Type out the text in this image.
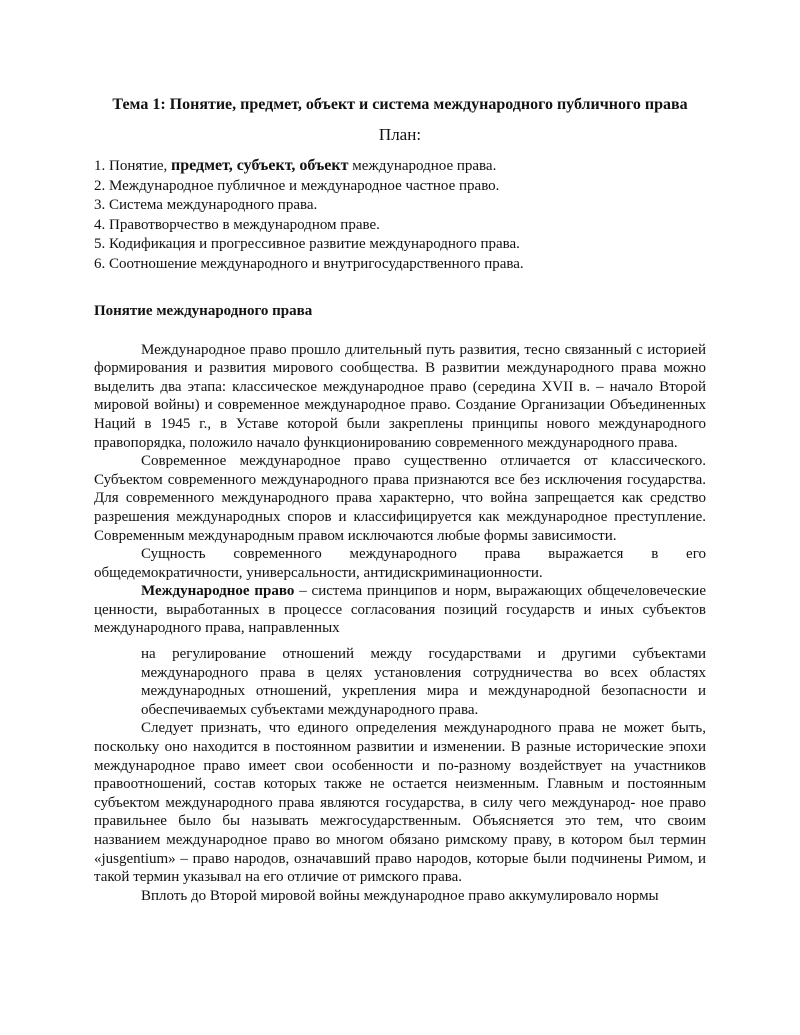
Тема 1: Понятие, предмет, объект и система международного публичного права
План:
1. Понятие, предмет, субъект, объект международное права.
2. Международное публичное и международное частное право.
3. Система международного права.
4. Правотворчество в международном праве.
5. Кодификация и прогрессивное развитие международного права.
6. Соотношение международного и внутригосударственного права.
Понятие международного права

Международное право прошло длительный путь развития, тесно связанный с историей формирования и развития мирового сообщества. В развитии международного права можно выделить два этапа: классическое международное право (середина XVII в. – начало Второй мировой войны) и современное международное право. Создание Организации Объединенных Наций в 1945 г., в Уставе которой были закреплены принципы нового международного правопорядка, положило начало функционированию современного международного права.

Современное международное право существенно отличается от классического. Субъектом современного международного права признаются все без исключения государства. Для современного международного права характерно, что война запрещается как средство разрешения международных споров и классифицируется как международное преступление. Современным международным правом исключаются любые формы зависимости.

Сущность современного международного права выражается в его общедемократичности, универсальности, антидискриминационности.

Международное право – система принципов и норм, выражающих общечеловеческие ценности, выработанных в процессе согласования позиций государств и иных субъектов международного права, направленных

на регулирование отношений между государствами и другими субъектами международного права в целях установления сотрудничества во всех областях международных отношений, укрепления мира и международной безопасности и обеспечиваемых субъектами международного права.

Следует признать, что единого определения международного права не может быть, поскольку оно находится в постоянном развитии и изменении. В разные исторические эпохи международное право имеет свои особенности и по-разному воздействует на участников правоотношений, состав которых также не остается неизменным. Главным и постоянным субъектом международного права являются государства, в силу чего международ- ное право правильнее было бы называть межгосударственным. Объясняется это тем, что своим названием международное право во многом обязано римскому праву, в котором был термин «jusgentium» – право народов, означавший право народов, которые были подчинены Римом, и такой термин указывал на его отличие от римского права.

Вплоть до Второй мировой войны международное право аккумулировало нормы
